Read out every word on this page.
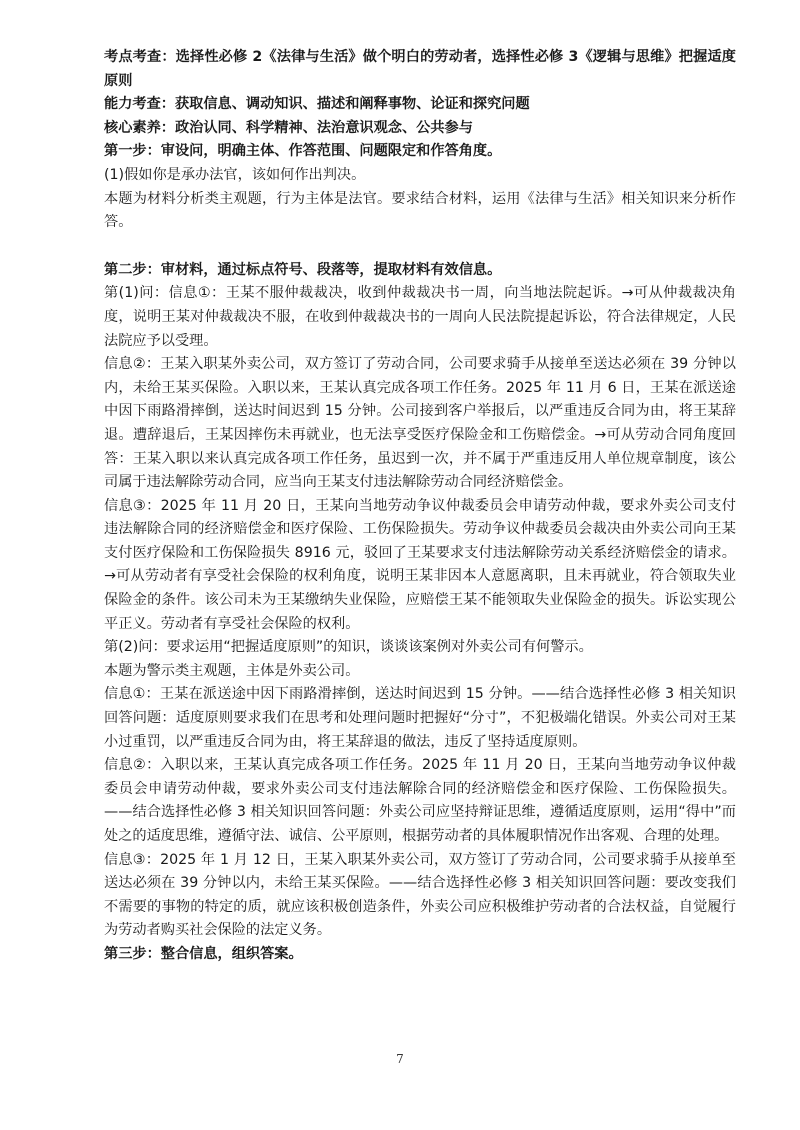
考点考查：选择性必修 2《法律与生活》做个明白的劳动者，选择性必修 3《逻辑与思维》把握适度原则

能力考查：获取信息、调动知识、描述和阐释事物、论证和探究问题

核心素养：政治认同、科学精神、法治意识观念、公共参与

第一步：审设问，明确主体、作答范围、问题限定和作答角度。

(1)假如你是承办法官，该如何作出判决。

本题为材料分析类主观题，行为主体是法官。要求结合材料，运用《法律与生活》相关知识来分析作答。

第二步：审材料，通过标点符号、段落等，提取材料有效信息。

第(1)问：信息①：王某不服仲裁裁决，收到仲裁裁决书一周，向当地法院起诉。→可从仲裁裁决角度，说明王某对仲裁裁决不服，在收到仲裁裁决书的一周向人民法院提起诉讼，符合法律规定，人民法院应予以受理。

信息②：王某入职某外卖公司，双方签订了劳动合同，公司要求骑手从接单至送达必须在 39 分钟以内，未给王某买保险。入职以来，王某认真完成各项工作任务。2025 年 11 月 6 日，王某在派送途中因下雨路滑摔倒，送达时间迟到 15 分钟。公司接到客户举报后，以严重违反合同为由，将王某辞退。遭辞退后，王某因摔伤未再就业，也无法享受医疗保险金和工伤赔偿金。→可从劳动合同角度回答：王某入职以来认真完成各项工作任务，虽迟到一次，并不属于严重违反用人单位规章制度，该公司属于违法解除劳动合同，应当向王某支付违法解除劳动合同经济赔偿金。

信息③：2025 年 11 月 20 日，王某向当地劳动争议仲裁委员会申请劳动仲裁，要求外卖公司支付违法解除合同的经济赔偿金和医疗保险、工伤保险损失。劳动争议仲裁委员会裁决由外卖公司向王某支付医疗保险和工伤保险损失 8916 元，驳回了王某要求支付违法解除劳动关系经济赔偿金的请求。→可从劳动者有享受社会保险的权利角度，说明王某非因本人意愿离职，且未再就业，符合领取失业保险金的条件。该公司未为王某缴纳失业保险，应赔偿王某不能领取失业保险金的损失。诉讼实现公平正义。劳动者有享受社会保险的权利。

第(2)问：要求运用“把握适度原则”的知识，谈谈该案例对外卖公司有何警示。

本题为警示类主观题，主体是外卖公司。

信息①：王某在派送途中因下雨路滑摔倒，送达时间迟到 15 分钟。——结合选择性必修 3 相关知识回答问题：适度原则要求我们在思考和处理问题时把握好“分寸”，不犯极端化错误。外卖公司对王某小过重罚，以严重违反合同为由，将王某辞退的做法，违反了坚持适度原则。

信息②：入职以来，王某认真完成各项工作任务。2025 年 11 月 20 日，王某向当地劳动争议仲裁委员会申请劳动仲裁，要求外卖公司支付违法解除合同的经济赔偿金和医疗保险、工伤保险损失。——结合选择性必修 3 相关知识回答问题：外卖公司应坚持辩证思维，遵循适度原则，运用“得中”而处之的适度思维，遵循守法、诚信、公平原则，根据劳动者的具体履职情况作出客观、合理的处理。

信息③：2025 年 1 月 12 日，王某入职某外卖公司，双方签订了劳动合同，公司要求骑手从接单至送达必须在 39 分钟以内，未给王某买保险。——结合选择性必修 3 相关知识回答问题：要改变我们不需要的事物的特定的质，就应该积极创造条件，外卖公司应积极维护劳动者的合法权益，自觉履行为劳动者购买社会保险的法定义务。

第三步：整合信息，组织答案。

7
